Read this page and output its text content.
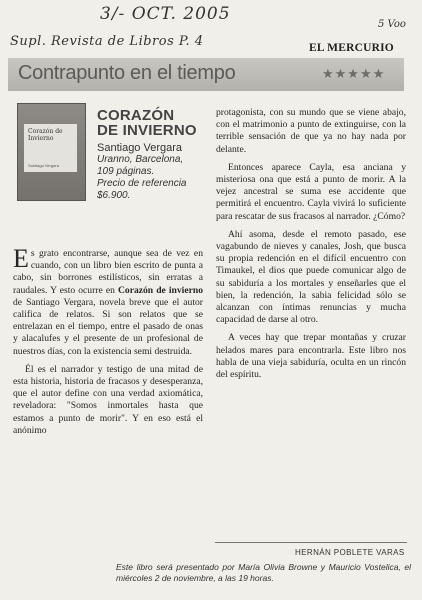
3/- OCT. 2005
Supl. Revista de Libros P. 4
5 Voo
EL MERCURIO
Contrapunto en el tiempo	★★★★★
Corazón de Invierno
Santiago Vergara
CORAZÓN
DE INVIERNO
Santiago Vergara
Uranno, Barcelona,
109 páginas.
Precio de referencia
$6.900.

Es grato encontrarse, aunque sea de vez en cuando, con un libro bien escrito de punta a cabo, sin borrones estilísticos, sin erratas a raudales. Y esto ocurre en Corazón de invierno de Santiago Vergara, novela breve que el autor califica de relatos. Si son relatos que se entrelazan en el tiempo, entre el pasado de onas y alacalufes y el presente de un profesional de nuestros días, con la existencia semi destruida.

Él es el narrador y testigo de una mitad de esta historia, historia de fracasos y desesperanza, que el autor define con una verdad axiomática, reveladora: "Somos inmortales hasta que estamos a punto de morir". Y en eso está el anónimo

protagonista, con su mundo que se viene abajo, con el matrimonio a punto de extinguirse, con la terrible sensación de que ya no hay nada por delante.

Entonces aparece Cayla, esa anciana y misteriosa ona que está a punto de morir. A la vejez ancestral se suma ese accidente que permitirá el encuentro. Cayla vivirá lo suficiente para rescatar de sus fracasos al narrador. ¿Cómo?

Ahí asoma, desde el remoto pasado, ese vagabundo de nieves y canales, Josh, que busca su propia redención en el difícil encuentro con Timaukel, el dios que puede comunicar algo de su sabiduría a los mortales y enseñarles que el bien, la redención, la sabia felicidad sólo se alcanzan con íntimas renuncias y mucha capacidad de darse al otro.

A veces hay que trepar montañas y cruzar helados mares para encontrarla. Este libro nos habla de una vieja sabiduría, oculta en un rincón del espíritu.

HERNÁN POBLETE VARAS
Este libro será presentado por María Olivia Browne y Mauricio Vostelica, el miércoles 2 de noviembre, a las 19 horas.
